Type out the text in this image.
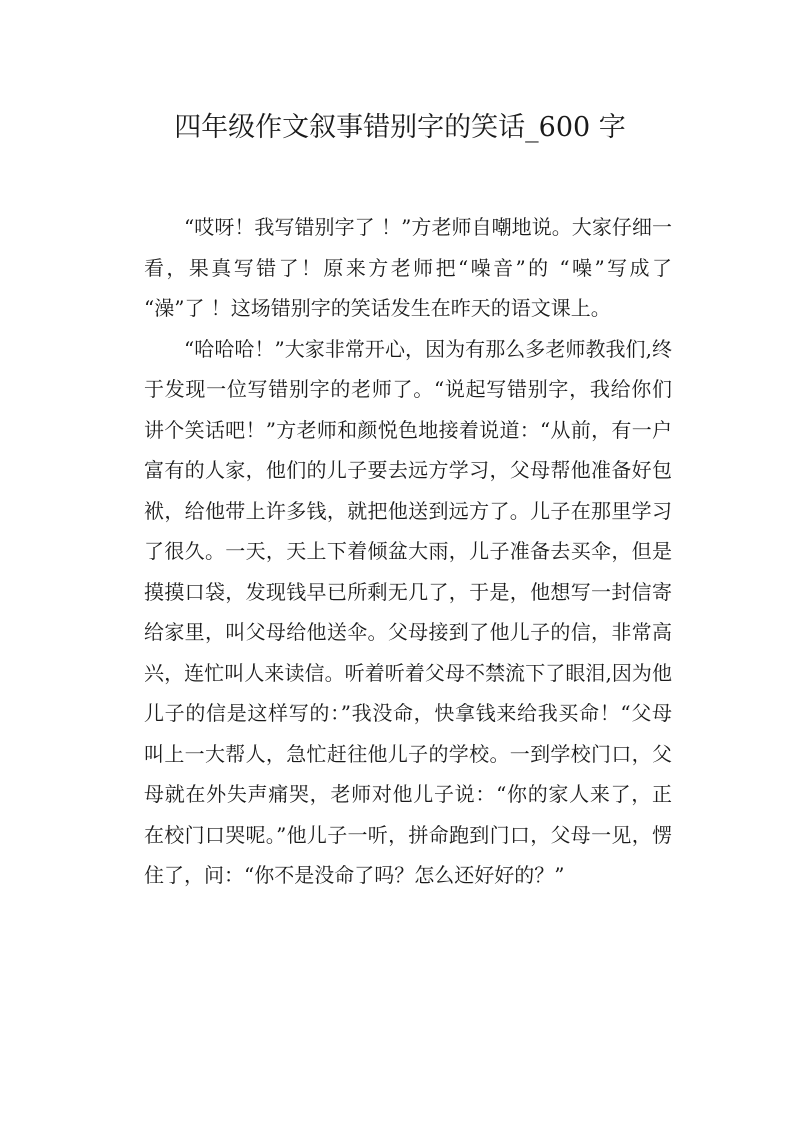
四年级作文叙事错别字的笑话_600 字

“哎呀！我写错别字了 ！”方老师自嘲地说。大家仔细一看，果真写错了！原来方老师把“噪音”的 “噪”写成了 “澡”了 ！这场错别字的笑话发生在昨天的语文课上。

“哈哈哈！”大家非常开心，因为有那么多老师教我们,终于发现一位写错别字的老师了。“说起写错别字，我给你们讲个笑话吧！”方老师和颜悦色地接着说道：“从前，有一户富有的人家，他们的儿子要去远方学习，父母帮他准备好包袱，给他带上许多钱，就把他送到远方了。儿子在那里学习了很久。一天，天上下着倾盆大雨，儿子准备去买伞，但是摸摸口袋，发现钱早已所剩无几了，于是，他想写一封信寄给家里，叫父母给他送伞。父母接到了他儿子的信，非常高兴，连忙叫人来读信。听着听着父母不禁流下了眼泪,因为他儿子的信是这样写的：”我没命，快拿钱来给我买命！“父母叫上一大帮人，急忙赶往他儿子的学校。一到学校门口，父母就在外失声痛哭，老师对他儿子说：“你的家人来了，正在校门口哭呢。”他儿子一听，拼命跑到门口，父母一见，愣住了，问：“你不是没命了吗？怎么还好好的？”
